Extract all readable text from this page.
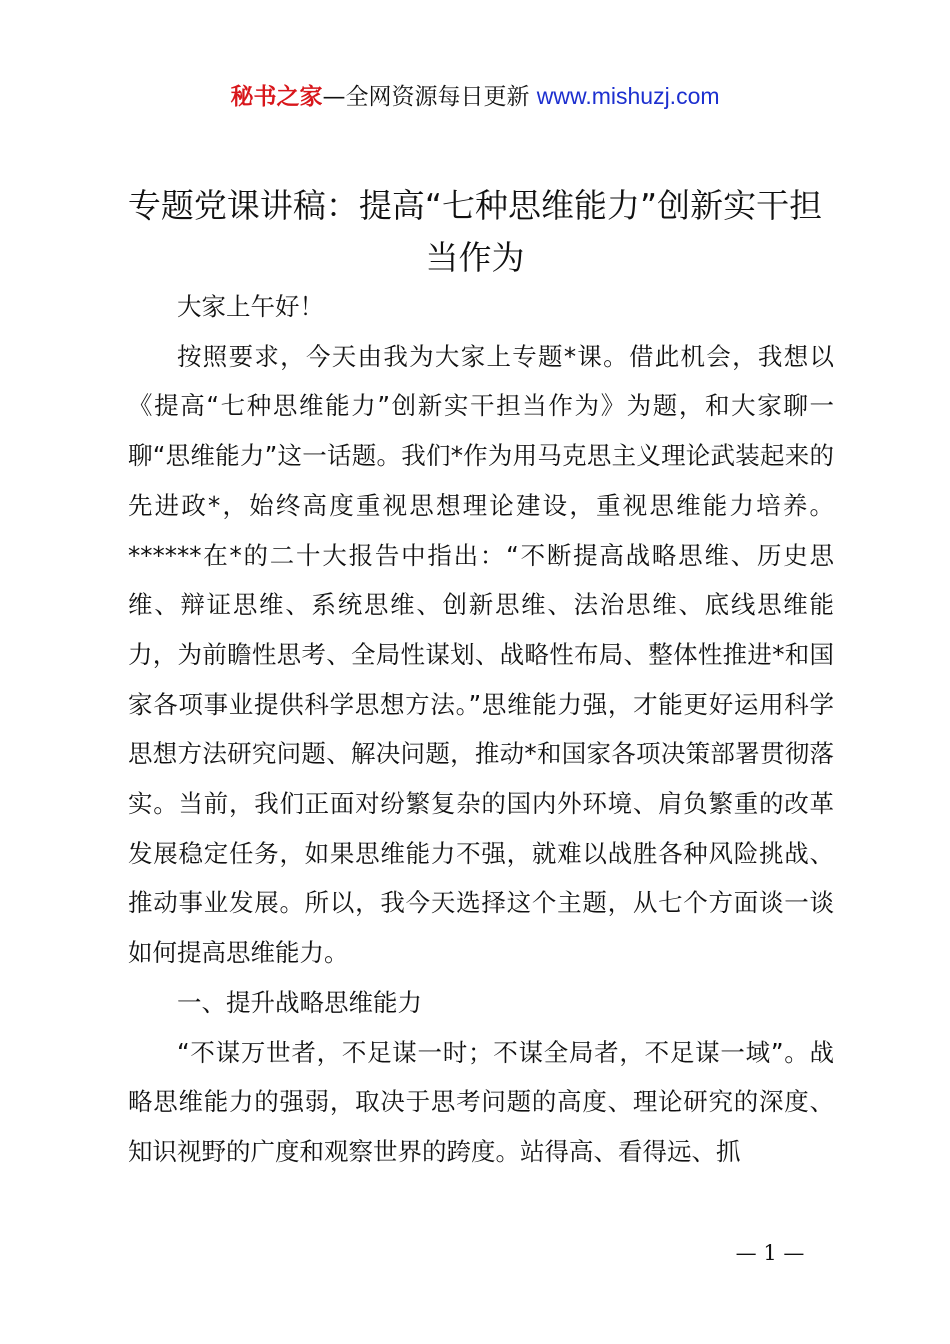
秘书之家—全网资源每日更新 www.mishuzj.com
专题党课讲稿：提高“七种思维能力”创新实干担当作为

大家上午好！

按照要求，今天由我为大家上专题*课。借此机会，我想以《提高“七种思维能力”创新实干担当作为》为题，和大家聊一聊“思维能力”这一话题。我们*作为用马克思主义理论武装起来的先进政*，始终高度重视思想理论建设，重视思维能力培养。******在*的二十大报告中指出：“不断提高战略思维、历史思维、辩证思维、系统思维、创新思维、法治思维、底线思维能力，为前瞻性思考、全局性谋划、战略性布局、整体性推进*和国家各项事业提供科学思想方法。”思维能力强，才能更好运用科学思想方法研究问题、解决问题，推动*和国家各项决策部署贯彻落实。当前，我们正面对纷繁复杂的国内外环境、肩负繁重的改革发展稳定任务，如果思维能力不强，就难以战胜各种风险挑战、推动事业发展。所以，我今天选择这个主题，从七个方面谈一谈如何提高思维能力。

一、提升战略思维能力

“不谋万世者，不足谋一时；不谋全局者，不足谋一域”。战略思维能力的强弱，取决于思考问题的高度、理论研究的深度、知识视野的广度和观察世界的跨度。站得高、看得远、抓

— 1 —
